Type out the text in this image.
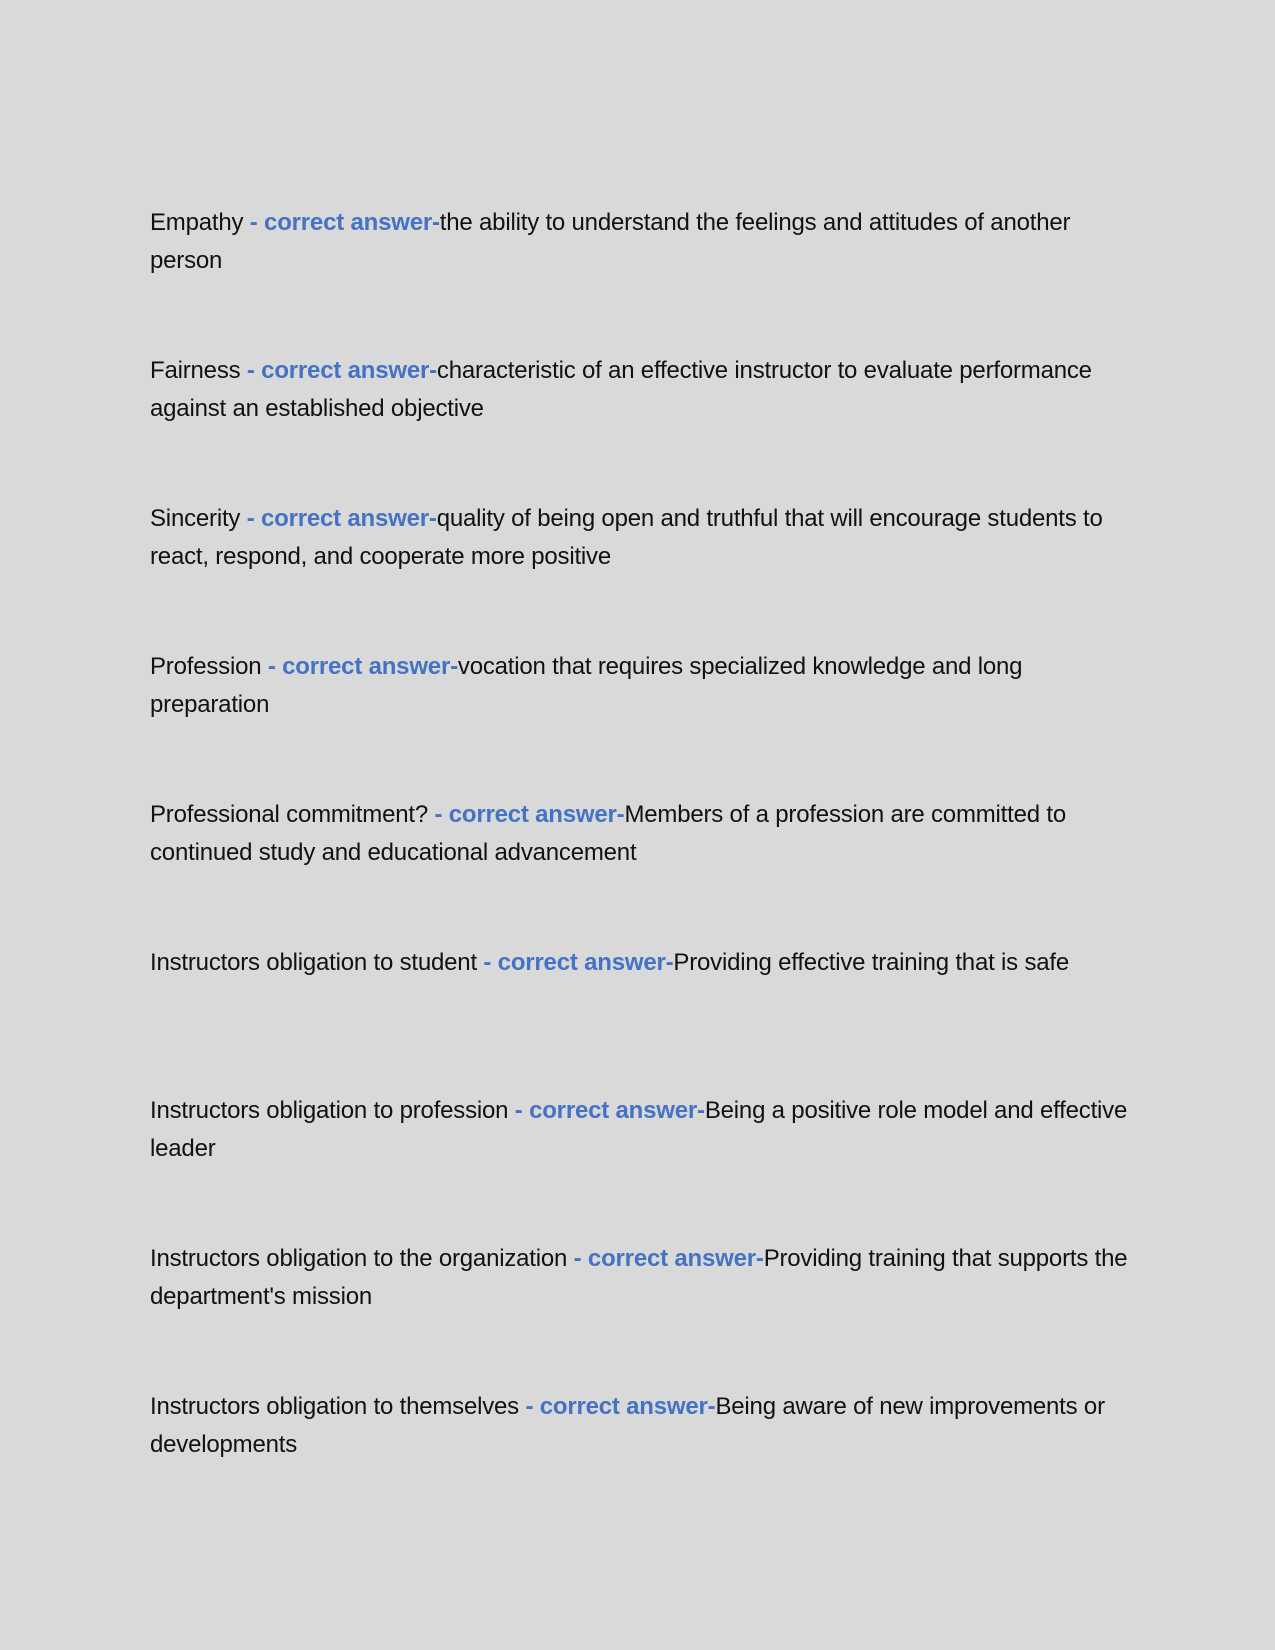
Empathy - correct answer-the ability to understand the feelings and attitudes of another person
Fairness - correct answer-characteristic of an effective instructor to evaluate performance against an established objective
Sincerity - correct answer-quality of being open and truthful that will encourage students to react, respond, and cooperate more positive
Profession - correct answer-vocation that requires specialized knowledge and long preparation
Professional commitment? - correct answer-Members of a profession are committed to continued study and educational advancement
Instructors obligation to student - correct answer-Providing effective training that is safe
Instructors obligation to profession - correct answer-Being a positive role model and effective leader
Instructors obligation to the organization - correct answer-Providing training that supports the department's mission
Instructors obligation to themselves - correct answer-Being aware of new improvements or developments
